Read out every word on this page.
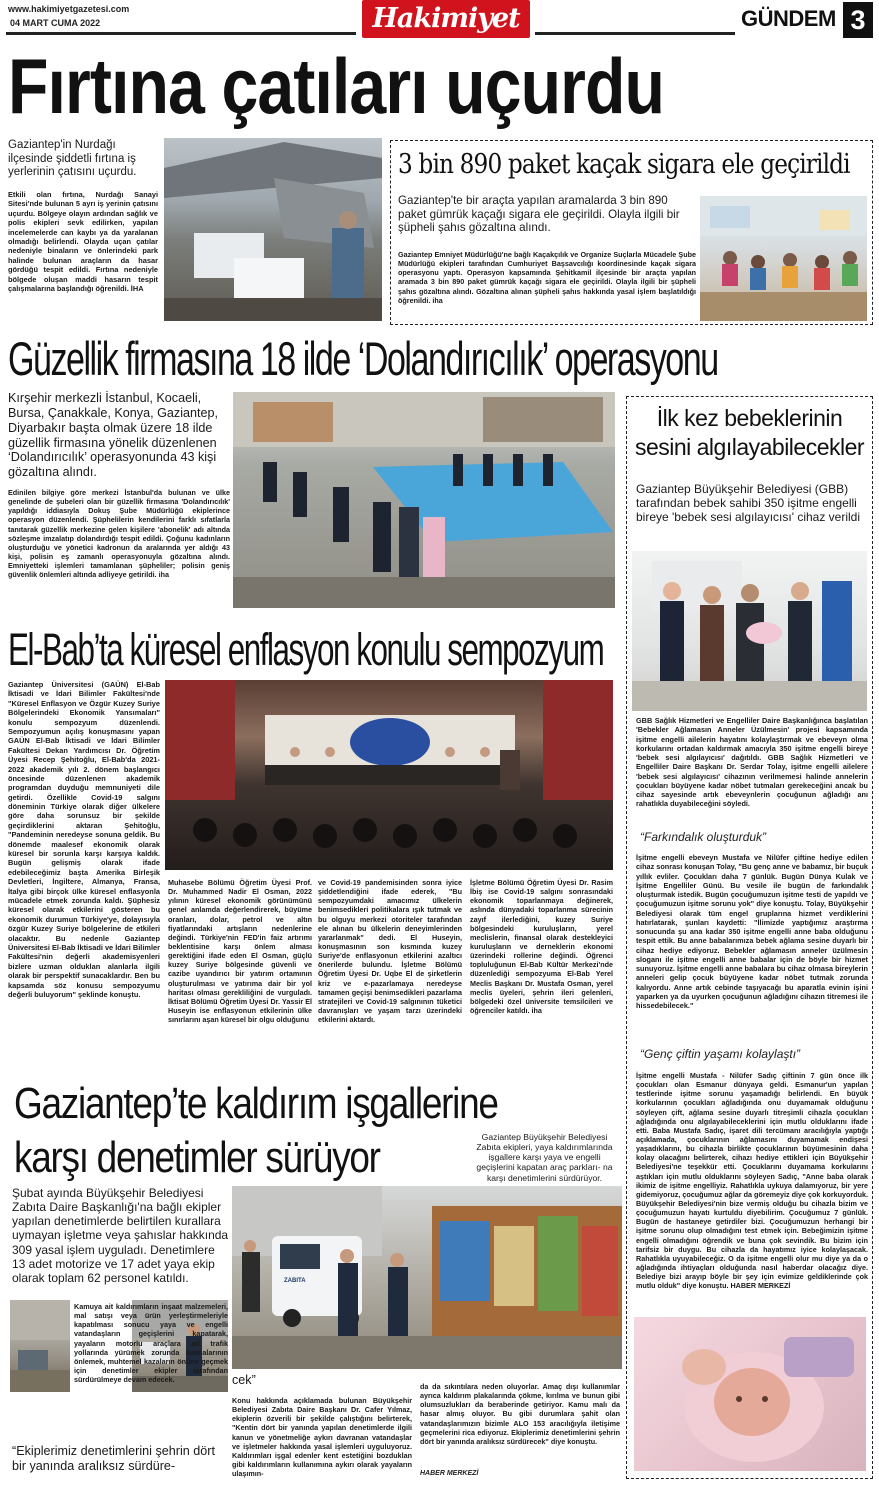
www.hakimiyetgazetesi.com
04 MART CUMA 2022	Hakimiyet	GÜNDEM 3
Fırtına çatıları uçurdu
Gaziantep'in Nurdağı ilçesinde şiddetli fırtına iş yerlerinin çatısını uçurdu.
Etkili olan fırtına, Nurdağı Sanayi Sitesi'nde bulunan 5 ayrı iş yerinin çatısını uçurdu. Bölgeye olayın ardından sağlık ve polis ekipleri sevk edilirken, yapılan incelemelerde can kaybı ya da yaralanan olmadığı belirlendi. Olayda uçan çatılar nedeniyle binaların ve önlerindeki park halinde bulunan araçların da hasar gördüğü tespit edildi. Fırtına nedeniyle bölgede oluşan maddi hasarın tespit çalışmalarına başlandığı öğrenildi. İHA
3 bin 890 paket kaçak sigara ele geçirildi
Gaziantep'te bir araçta yapılan aramalarda 3 bin 890 paket gümrük kaçağı sigara ele geçirildi. Olayla ilgili bir şüpheli şahıs gözaltına alındı.
Gaziantep Emniyet Müdürlüğü'ne bağlı Kaçakçılık ve Organize Suçlarla Mücadele Şube Müdürlüğü ekipleri tarafından Cumhuriyet Başsavcılığı koordinesinde kaçak sigara operasyonu yaptı. Operasyon kapsamında Şehitkamil ilçesinde bir araçta yapılan aramada 3 bin 890 paket gümrük kaçağı sigara ele geçirildi. Olayla ilgili bir şüpheli şahıs gözaltına alındı. Gözaltına alınan şüpheli şahıs hakkında yasal işlem başlatıldığı öğrenildi. iha
Güzellik firmasına 18 ilde ‘Dolandırıcılık’ operasyonu
Kırşehir merkezli İstanbul, Kocaeli, Bursa, Çanakkale, Konya, Gaziantep, Diyarbakır başta olmak üzere 18 ilde güzellik firmasına yönelik düzenlenen ‘Dolandırıcılık’ operasyonunda 43 kişi gözaltına alındı.
Edinilen bilgiye göre merkezi İstanbul'da bulunan ve ülke genelinde de şubeleri olan bir güzellik firmasına 'Dolandırıcılık' yapıldığı iddiasıyla Dokuş Şube Müdürlüğü ekiplerince operasyon düzenlendi. Şüphelilerin kendilerini farklı sıfatlarla tanıtarak güzellik merkezine gelen kişilere 'abonelik' adı altında sözleşme imzalatıp dolandırdığı tespit edildi. Çoğunu kadınların oluşturduğu ve yönetici kadronun da aralarında yer aldığı 43 kişi, polisin eş zamanlı operasyonuyla gözaltına alındı. Emniyetteki işlemleri tamamlanan şüpheliler; polisin geniş güvenlik önlemleri altında adliyeye getirildi. iha
İlk kez bebeklerinin sesini algılayabilecekler
Gaziantep Büyükşehir Belediyesi (GBB) tarafından bebek sahibi 350 işitme engelli bireye 'bebek sesi algılayıcısı' cihaz verildi
GBB Sağlık Hizmetleri ve Engelliler Daire Başkanlığınca başlatılan 'Bebekler Ağlamasın Anneler Üzülmesin' projesi kapsamında işitme engelli ailelerin hayatını kolaylaştırmak ve ebeveyn olma korkularını ortadan kaldırmak amacıyla 350 işitme engelli bireye 'bebek sesi algılayıcısı' dağıtıldı. GBB Sağlık Hizmetleri ve Engelliler Daire Başkanı Dr. Serdar Tolay, işitme engelli ailelere 'bebek sesi algılayıcısı' cihazının verilmemesi halinde annelerin çocukları büyüyene kadar nöbet tutmaları gerekeceğini ancak bu cihaz sayesinde artık ebeveynlerin çocuğunun ağladığı anı rahatlıkla duyabileceğini söyledi.
“Farkındalık oluşturduk”
İşitme engelli ebeveyn Mustafa ve Nilüfer çiftine hediye edilen cihaz sonrası konuşan Tolay, "Bu genç anne ve babamız, bir buçuk yıllık evliler. Çocukları daha 7 günlük. Bugün Dünya Kulak ve İşitme Engelliler Günü. Bu vesile ile bugün de farkındalık oluşturmak istedik. Bugün çocuğumuzun işitme testi de yapıldı ve çocuğumuzun işitme sorunu yok" diye konuştu. Tolay, Büyükşehir Belediyesi olarak tüm engel gruplarına hizmet verdiklerini hatırlatarak, şunları kaydetti: "İlimizde yaptığımız araştırma sonucunda şu ana kadar 350 işitme engelli anne baba olduğunu tespit ettik. Bu anne babalarımıza bebek ağlama sesine duyarlı bir cihaz hediye ediyoruz. Bebekler ağlamasın anneler üzülmesin sloganı ile işitme engelli anne babalar için de böyle bir hizmet sunuyoruz. İşitme engelli anne babalara bu cihaz olmasa bireylerin anneleri gelip çocuk büyüyene kadar nöbet tutmak zorunda kalıyordu. Anne artık cebinde taşıyacağı bu aparatla evinin işini yaparken ya da uyurken çocuğunun ağladığını cihazın titremesi ile hissedebilecek."
“Genç çiftin yaşamı kolaylaştı”
İşitme engelli Mustafa - Nilüfer Sadıç çiftinin 7 gün önce ilk çocukları olan Esmanur dünyaya geldi. Esmanur'un yapılan testlerinde işitme sorunu yaşamadığı belirlendi. En büyük korkularının çocukları ağladığında onu duyamamak olduğunu söyleyen çift, ağlama sesine duyarlı titreşimli cihazla çocukları ağladığında onu algılayabileceklerini için mutlu olduklarını ifade etti. Baba Mustafa Sadıç, işaret dili tercümanı aracılığıyla yaptığı açıklamada, çocuklarının ağlamasını duyamamak endişesi yaşadıklarını, bu cihazla birlikte çocuklarının büyümesinin daha kolay olacağını belirterek, cihazı hediye ettikleri için Büyükşehir Belediyesi'ne teşekkür etti. Çocuklarını duyamama korkularını aştıkları için mutlu olduklarını söyleyen Sadıç, "Anne baba olarak ikimiz de işitme engelliyiz. Rahatlıkla uykuya dalamıyoruz, bir yere gidemiyoruz, çocuğumuz ağlar da göremeyiz diye çok korkuyorduk. Büyükşehir Belediyesi'nin bize vermiş olduğu bu cihazla bizim ve çocuğumuzun hayatı kurtuldu diyebilirim. Çocuğumuz 7 günlük. Bugün de hastaneye getirdiler bizi. Çocuğumuzun herhangi bir işitme sorunu olup olmadığını test etmek için. Bebeğimizin işitme engelli olmadığını öğrendik ve buna çok sevindik. Bu bizim için tarifsiz bir duygu. Bu cihazla da hayatımız iyice kolaylaşacak. Rahatlıkla uyuyabileceğiz. O da işitme engelli olur mu diye ya da o ağladığında ihtiyaçları olduğunda nasıl haberdar olacağız diye. Belediye bizi arayıp böyle bir şey için evimize geldiklerinde çok mutlu olduk" diye konuştu. HABER MERKEZİ
El-Bab’ta küresel enflasyon konulu sempozyum
Gaziantep Üniversitesi (GAÜN) El-Bab İktisadi ve İdari Bilimler Fakültesi'nde "Küresel Enflasyon ve Özgür Kuzey Suriye Bölgelerindeki Ekonomik Yansımaları" konulu sempozyum düzenlendi. Sempozyumun açılış konuşmasını yapan GAÜN El-Bab İktisadi ve İdari Bilimler Fakültesi Dekan Yardımcısı Dr. Öğretim Üyesi Recep Şehitoğlu, El-Bab'da 2021-2022 akademik yılı 2. dönem başlangıcı öncesinde düzenlenen akademik programdan duyduğu memnuniyeti dile getirdi. Özellikle Covid-19 salgını döneminin Türkiye olarak diğer ülkelere göre daha sorunsuz bir şekilde geçirdiklerini aktaran Şehitoğlu, "Pandeminin neredeyse sonuna geldik. Bu dönemde maalesef ekonomik olarak küresel bir sorunla karşı karşıya kaldık. Bugün gelişmiş olarak ifade edebileceğimiz başta Amerika Birleşik Devletleri, İngiltere, Almanya, Fransa, İtalya gibi birçok ülke küresel enflasyonla mücadele etmek zorunda kaldı. Şüphesiz küresel olarak etkilerini gösteren bu ekonomik durumun Türkiye'ye, dolayısıyla özgür Kuzey Suriye bölgelerine de etkileri olacaktır. Bu nedenle Gaziantep Üniversitesi El-Bab İktisadi ve İdari Bilimler Fakültesi'nin değerli akademisyenleri bizlere uzman olduklan alanlarla ilgili olarak bir perspektif sunacaklardır. Ben bu kapsamda söz konusu sempozyumu değerli buluyorum" şeklinde konuştu.
Muhasebe Bölümü Öğretim Üyesi Prof. Dr. Muhammed Nadir El Osman, 2022 yılının küresel ekonomik görünümünü genel anlamda değerlendirerek, büyüme oranları, dolar, petrol ve altın fiyatlarındaki artışların nedenlerine değindi. Türkiye'nin FED'in faiz artırımı beklentisine karşı önlem alması gerektiğini ifade eden El Osman, güçlü kuzey Suriye bölgesinde güvenli ve cazibe uyandırıcı bir yatırım ortamının oluşturulması ve yatırıma dair bir yol haritası olması gerekliliğini de vurguladı. İktisat Bölümü Öğretim Üyesi Dr. Yassir El Huseyin ise enflasyonun etkilerinin ülke sınırlarını aşan küresel bir olgu olduğunu
ve Covid-19 pandemisinden sonra iyice şiddetlendiğini ifade ederek, "Bu sempozyumdaki amacımız ülkelerin benimsedikleri politikalara ışık tutmak ve bu olguyu merkezi otoriteler tarafından ele alınan bu ülkelerin deneyimlerinden yararlanmak" dedi. El Huseyin, konuşmasının son kısmında kuzey Suriye'de enflasyonun etkilerini azaltıcı önerilerde bulundu. İşletme Bölümü Öğretim Üyesi Dr. Uqbe El de şirketlerin kriz ve e-pazarlamaya neredeyse tamamen geçişi benimsedikleri pazarlama stratejileri ve Covid-19 salgınının tüketici davranışları ve yaşam tarzı üzerindeki etkilerini aktardı.
İşletme Bölümü Öğretim Üyesi Dr. Rasim İbiş ise Covid-19 salgını sonrasındaki ekonomik toparlanmaya değinerek, aslında dünyadaki toparlanma sürecinin zayıf ilerlediğini, kuzey Suriye bölgesindeki kuruluşların, yerel meclislerin, finansal olarak destekleyici kuruluşların ve derneklerin ekonomi üzerindeki rollerine değindi. Öğrenci topluluğunun El-Bab Kültür Merkezi'nde düzenlediği sempozyuma El-Bab Yerel Meclis Başkanı Dr. Mustafa Osman, yerel meclis üyeleri, şehrin ileri gelenleri, bölgedeki özel üniversite temsilcileri ve öğrenciler katıldı. iha
Gaziantep’te kaldırım işgallerine
karşı denetimler sürüyor	Gaziantep Büyükşehir Belediyesi Zabıta ekipleri, yaya kaldırımlarında işgallere karşı yaya ve engelli geçişlerini kapatan araç parkları- na karşı denetimlerini sürdürüyor.
Şubat ayında Büyükşehir Belediyesi Zabıta Daire Başkanlığı'na bağlı ekipler yapılan denetimlerde belirtilen kurallara uymayan işletme veya şahıslar hakkında 309 yasal işlem uyguladı. Denetimlere 13 adet motorize ve 17 adet yaya ekip olarak toplam 62 personel katıldı.
Kamuya ait kaldırımların inşaat malzemeleri, mal satışı veya ürün yerleştirmeleriyle kapatılması sonucu yaya ve engelli vatandaşların geçişlerini kapatarak, yayaların motorlu araçlara ait trafik yollarında yürümek zorunda kalmalarının önlemek, muhtemel kazaların önüne geçmek için denetimler ekipler tarafından sürdürülmeye devam edecek.
ZABITA
“Ekiplerimiz denetimlerini şehrin dört bir yanında aralıksız sürdüre-
cek”
Konu hakkında açıklamada bulunan Büyükşehir Belediyesi Zabıta Daire Başkanı Dr. Cafer Yılmaz, ekiplerin özverili bir şekilde çalıştığını belirterek, "Kentin dört bir yanında yapılan denetimlerde ilgili kanun ve yönetmeliğe aykırı davranan vatandaşlar ve işletmeler hakkında yasal işlemleri uyguluyoruz. Kaldırımları işgal edenler kent estetiğini bozduklan gibi kaldırımların kullanımına aykırı olarak yayaların ulaşımın-
da da sıkıntılara neden oluyorlar. Amaç dışı kullanımlar ayrıca kaldırım plakalarında çökme, kırılma ve bunun gibi olumsuzlukları da beraberinde getiriyor. Kamu malı da hasar almış oluyor. Bu gibi durumlara şahit olan vatandaşlarımızın bizimle ALO 153 aracılığıyla iletişime geçmelerini rica ediyoruz. Ekiplerimiz denetimlerini şehrin dört bir yanında aralıksız sürdürecek" diye konuştu.
HABER MERKEZİ
